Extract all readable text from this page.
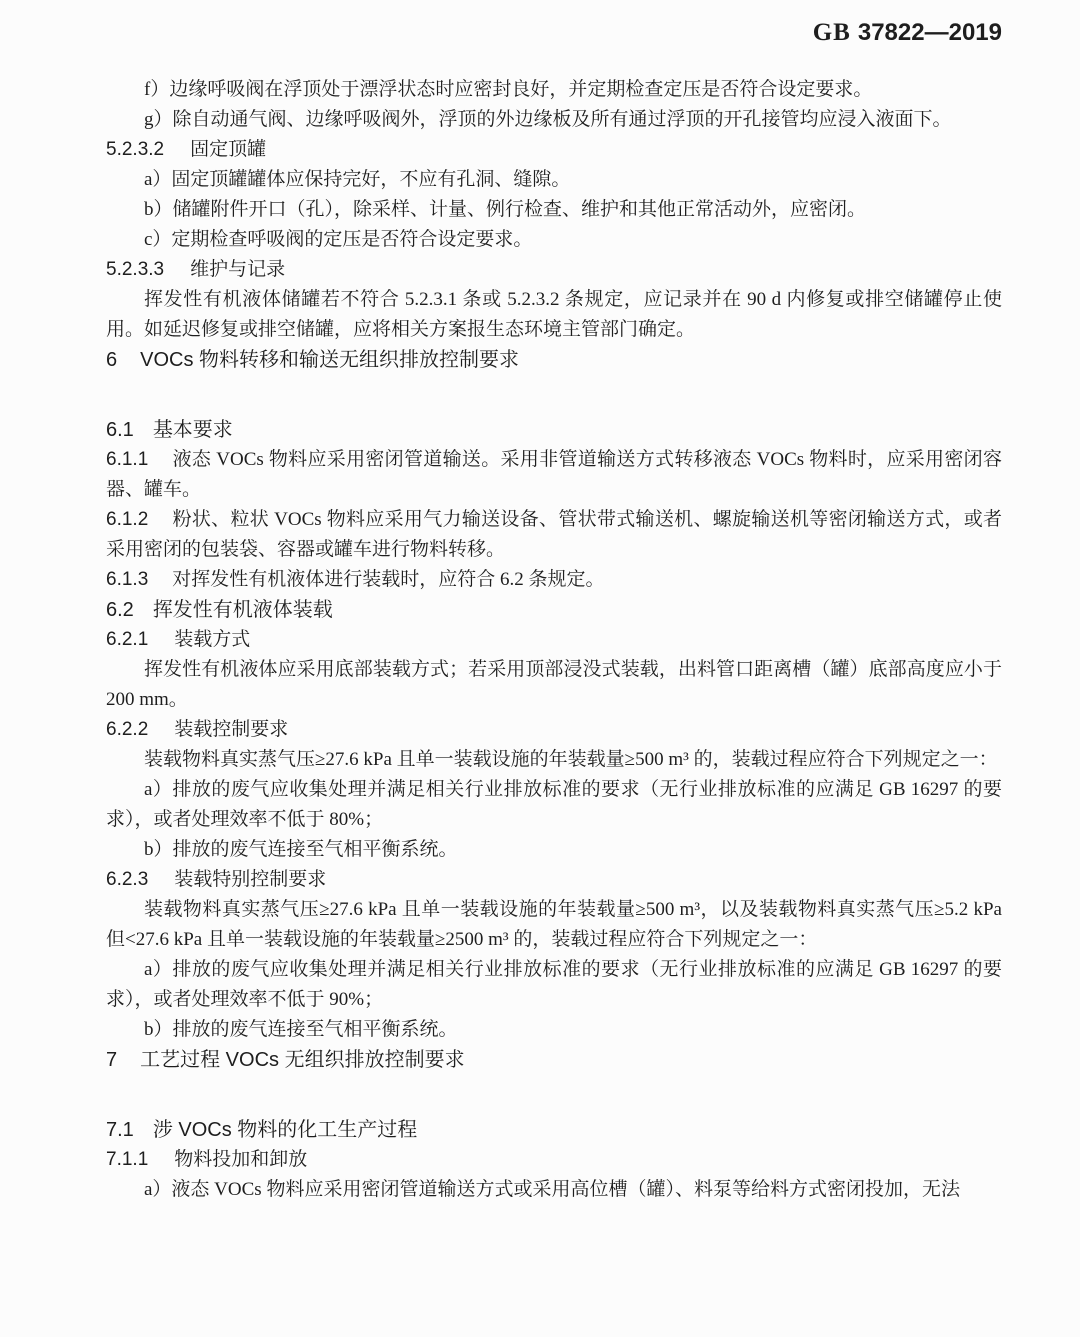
GB 37822—2019

f）边缘呼吸阀在浮顶处于漂浮状态时应密封良好，并定期检查定压是否符合设定要求。

g）除自动通气阀、边缘呼吸阀外，浮顶的外边缘板及所有通过浮顶的开孔接管均应浸入液面下。

5.2.3.2 固定顶罐

a）固定顶罐罐体应保持完好，不应有孔洞、缝隙。

b）储罐附件开口（孔），除采样、计量、例行检查、维护和其他正常活动外，应密闭。

c）定期检查呼吸阀的定压是否符合设定要求。

5.2.3.3 维护与记录

挥发性有机液体储罐若不符合 5.2.3.1 条或 5.2.3.2 条规定，应记录并在 90 d 内修复或排空储罐停止使用。如延迟修复或排空储罐，应将相关方案报生态环境主管部门确定。

6 VOCs 物料转移和输送无组织排放控制要求
6.1 基本要求

6.1.1 液态 VOCs 物料应采用密闭管道输送。采用非管道输送方式转移液态 VOCs 物料时，应采用密闭容器、罐车。

6.1.2 粉状、粒状 VOCs 物料应采用气力输送设备、管状带式输送机、螺旋输送机等密闭输送方式，或者采用密闭的包装袋、容器或罐车进行物料转移。

6.1.3 对挥发性有机液体进行装载时，应符合 6.2 条规定。

6.2 挥发性有机液体装载

6.2.1 装载方式

挥发性有机液体应采用底部装载方式；若采用顶部浸没式装载，出料管口距离槽（罐）底部高度应小于 200 mm。

6.2.2 装载控制要求

装载物料真实蒸气压≥27.6 kPa 且单一装载设施的年装载量≥500 m³ 的，装载过程应符合下列规定之一：

a）排放的废气应收集处理并满足相关行业排放标准的要求（无行业排放标准的应满足 GB 16297 的要求），或者处理效率不低于 80%；

b）排放的废气连接至气相平衡系统。

6.2.3 装载特别控制要求

装载物料真实蒸气压≥27.6 kPa 且单一装载设施的年装载量≥500 m³，以及装载物料真实蒸气压≥5.2 kPa 但<27.6 kPa 且单一装载设施的年装载量≥2500 m³ 的，装载过程应符合下列规定之一：

a）排放的废气应收集处理并满足相关行业排放标准的要求（无行业排放标准的应满足 GB 16297 的要求），或者处理效率不低于 90%；

b）排放的废气连接至气相平衡系统。

7 工艺过程 VOCs 无组织排放控制要求
7.1 涉 VOCs 物料的化工生产过程

7.1.1 物料投加和卸放

a）液态 VOCs 物料应采用密闭管道输送方式或采用高位槽（罐）、料泵等给料方式密闭投加，无法
